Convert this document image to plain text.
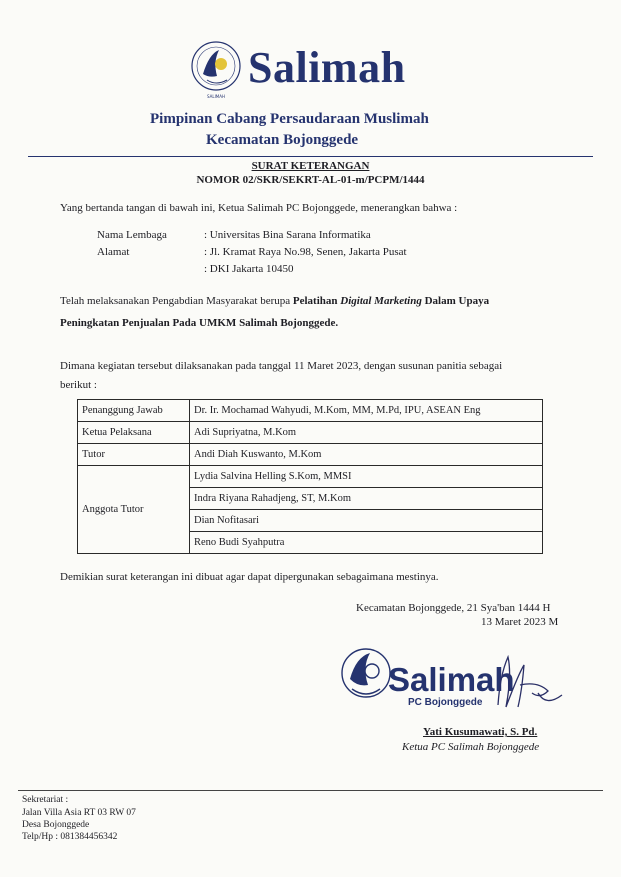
SALIMAH
Salimah
Pimpinan Cabang Persaudaraan Muslimah
Kecamatan Bojonggede
SURAT KETERANGAN
NOMOR 02/SKR/SEKRT-AL-01-m/PCPM/1444
Yang bertanda tangan di bawah ini, Ketua Salimah PC Bojonggede, menerangkan bahwa :
Nama Lembaga	: Universitas Bina Sarana Informatika
Alamat	: Jl. Kramat Raya No.98, Senen, Jakarta Pusat
: DKI Jakarta 10450
Telah melaksanakan Pengabdian Masyarakat berupa Pelatihan Digital Marketing Dalam Upaya
Peningkatan Penjualan Pada UMKM Salimah Bojonggede.
Dimana kegiatan tersebut dilaksanakan pada tanggal 11 Maret 2023, dengan susunan panitia sebagai
berikut :
Penanggung Jawab	Dr. Ir. Mochamad Wahyudi, M.Kom, MM, M.Pd, IPU, ASEAN Eng
Ketua Pelaksana	Adi Supriyatna, M.Kom
Tutor	Andi Diah Kuswanto, M.Kom
Anggota Tutor	Lydia Salvina Helling S.Kom, MMSI
	Indra Riyana Rahadjeng, ST, M.Kom
	Dian Nofitasari
	Reno Budi Syahputra
Demikian surat keterangan ini dibuat agar dapat dipergunakan sebagaimana mestinya.
Kecamatan Bojonggede, 21 Sya'ban 1444 H
13 Maret 2023 M
Salimah
PC Bojonggede
Yati Kusumawati, S. Pd.
Ketua PC Salimah Bojonggede
Sekretariat :
Jalan Villa Asia RT 03 RW 07
Desa Bojonggede
Telp/Hp : 081384456342
